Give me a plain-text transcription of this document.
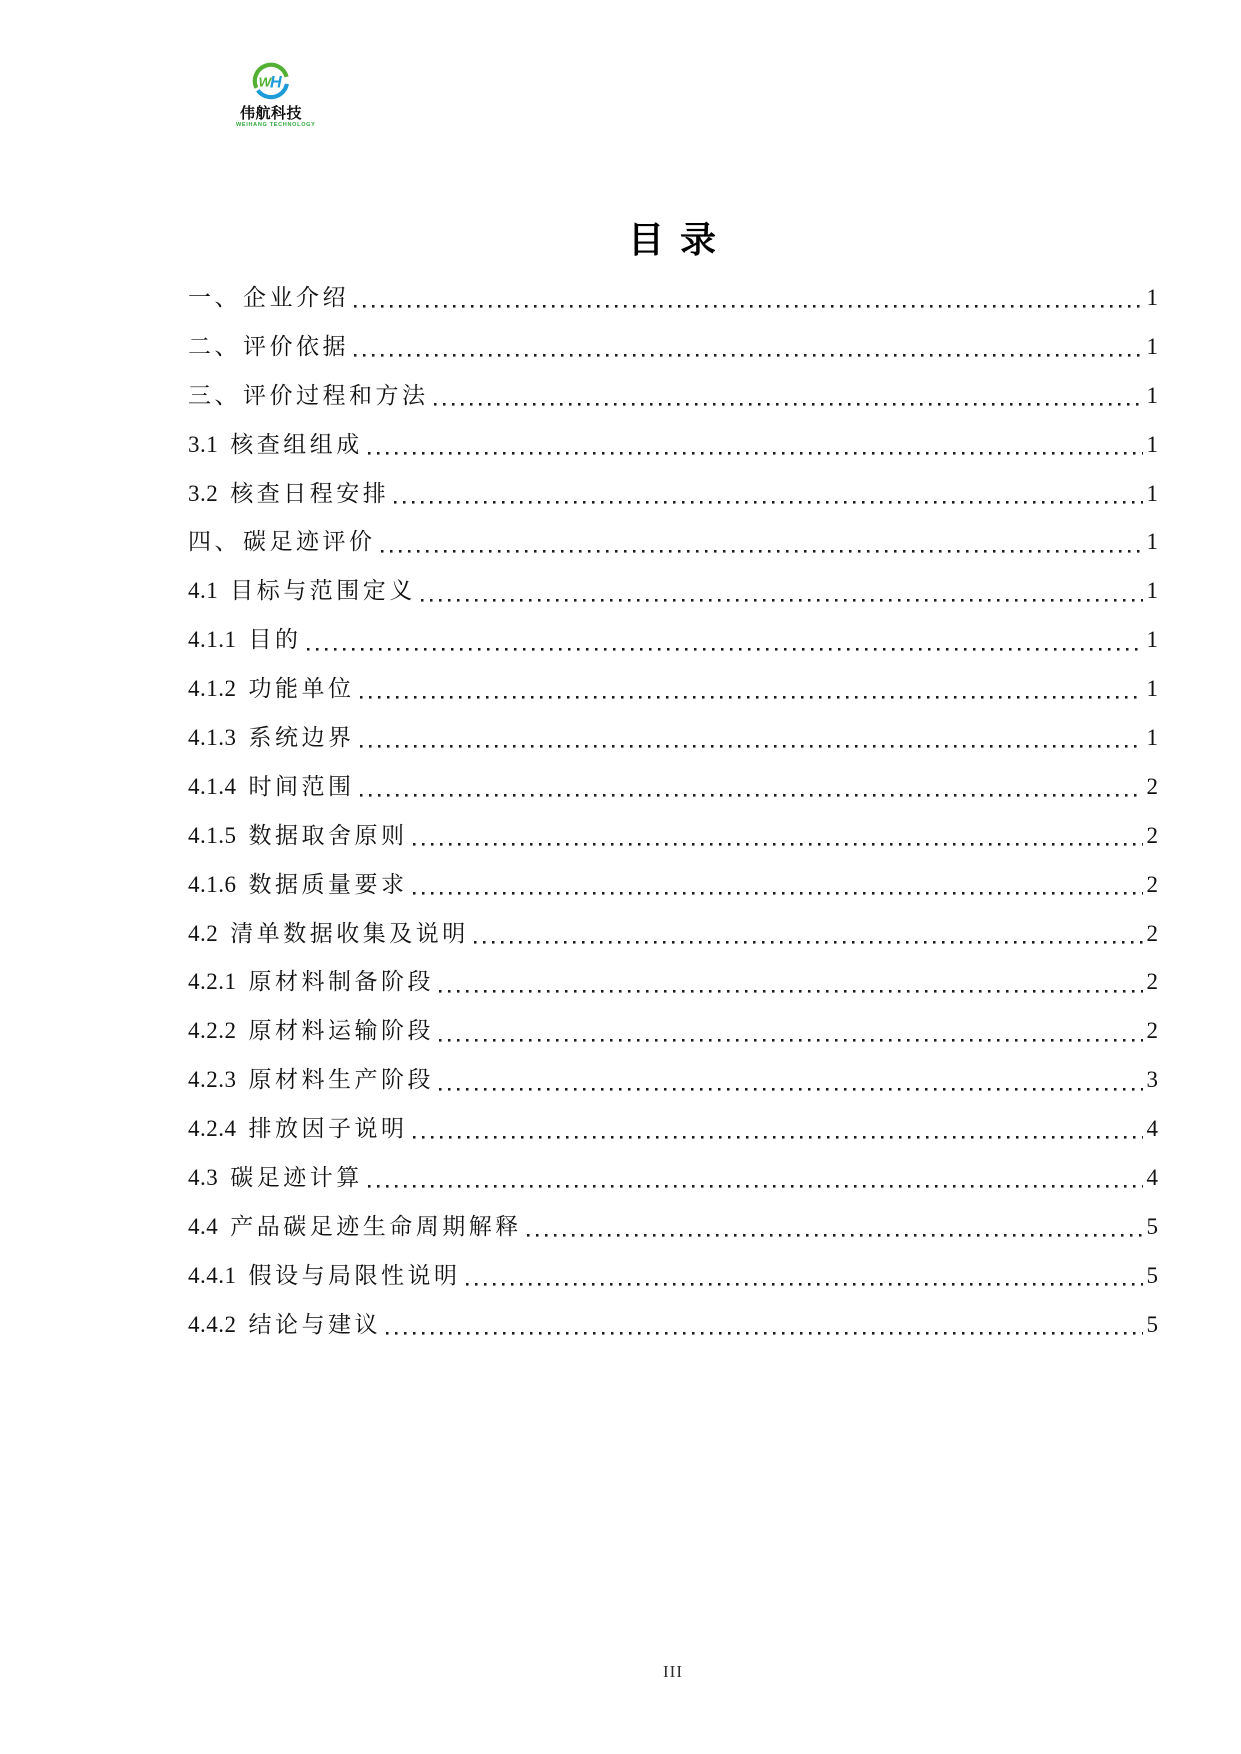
W
H
伟航科技
WEIHANG TECHNOLOGY
目录
一、 企业介绍	1
二、 评价依据	1
三、 评价过程和方法	1
3.1 核查组组成	1
3.2 核查日程安排	1
四、 碳足迹评价	1
4.1 目标与范围定义	1
4.1.1 目的	1
4.1.2 功能单位	1
4.1.3 系统边界	1
4.1.4 时间范围	2
4.1.5 数据取舍原则	2
4.1.6 数据质量要求	2
4.2 清单数据收集及说明	2
4.2.1 原材料制备阶段	2
4.2.2 原材料运输阶段	2
4.2.3 原材料生产阶段	3
4.2.4 排放因子说明	4
4.3 碳足迹计算	4
4.4 产品碳足迹生命周期解释	5
4.4.1 假设与局限性说明	5
4.4.2 结论与建议	5
III
